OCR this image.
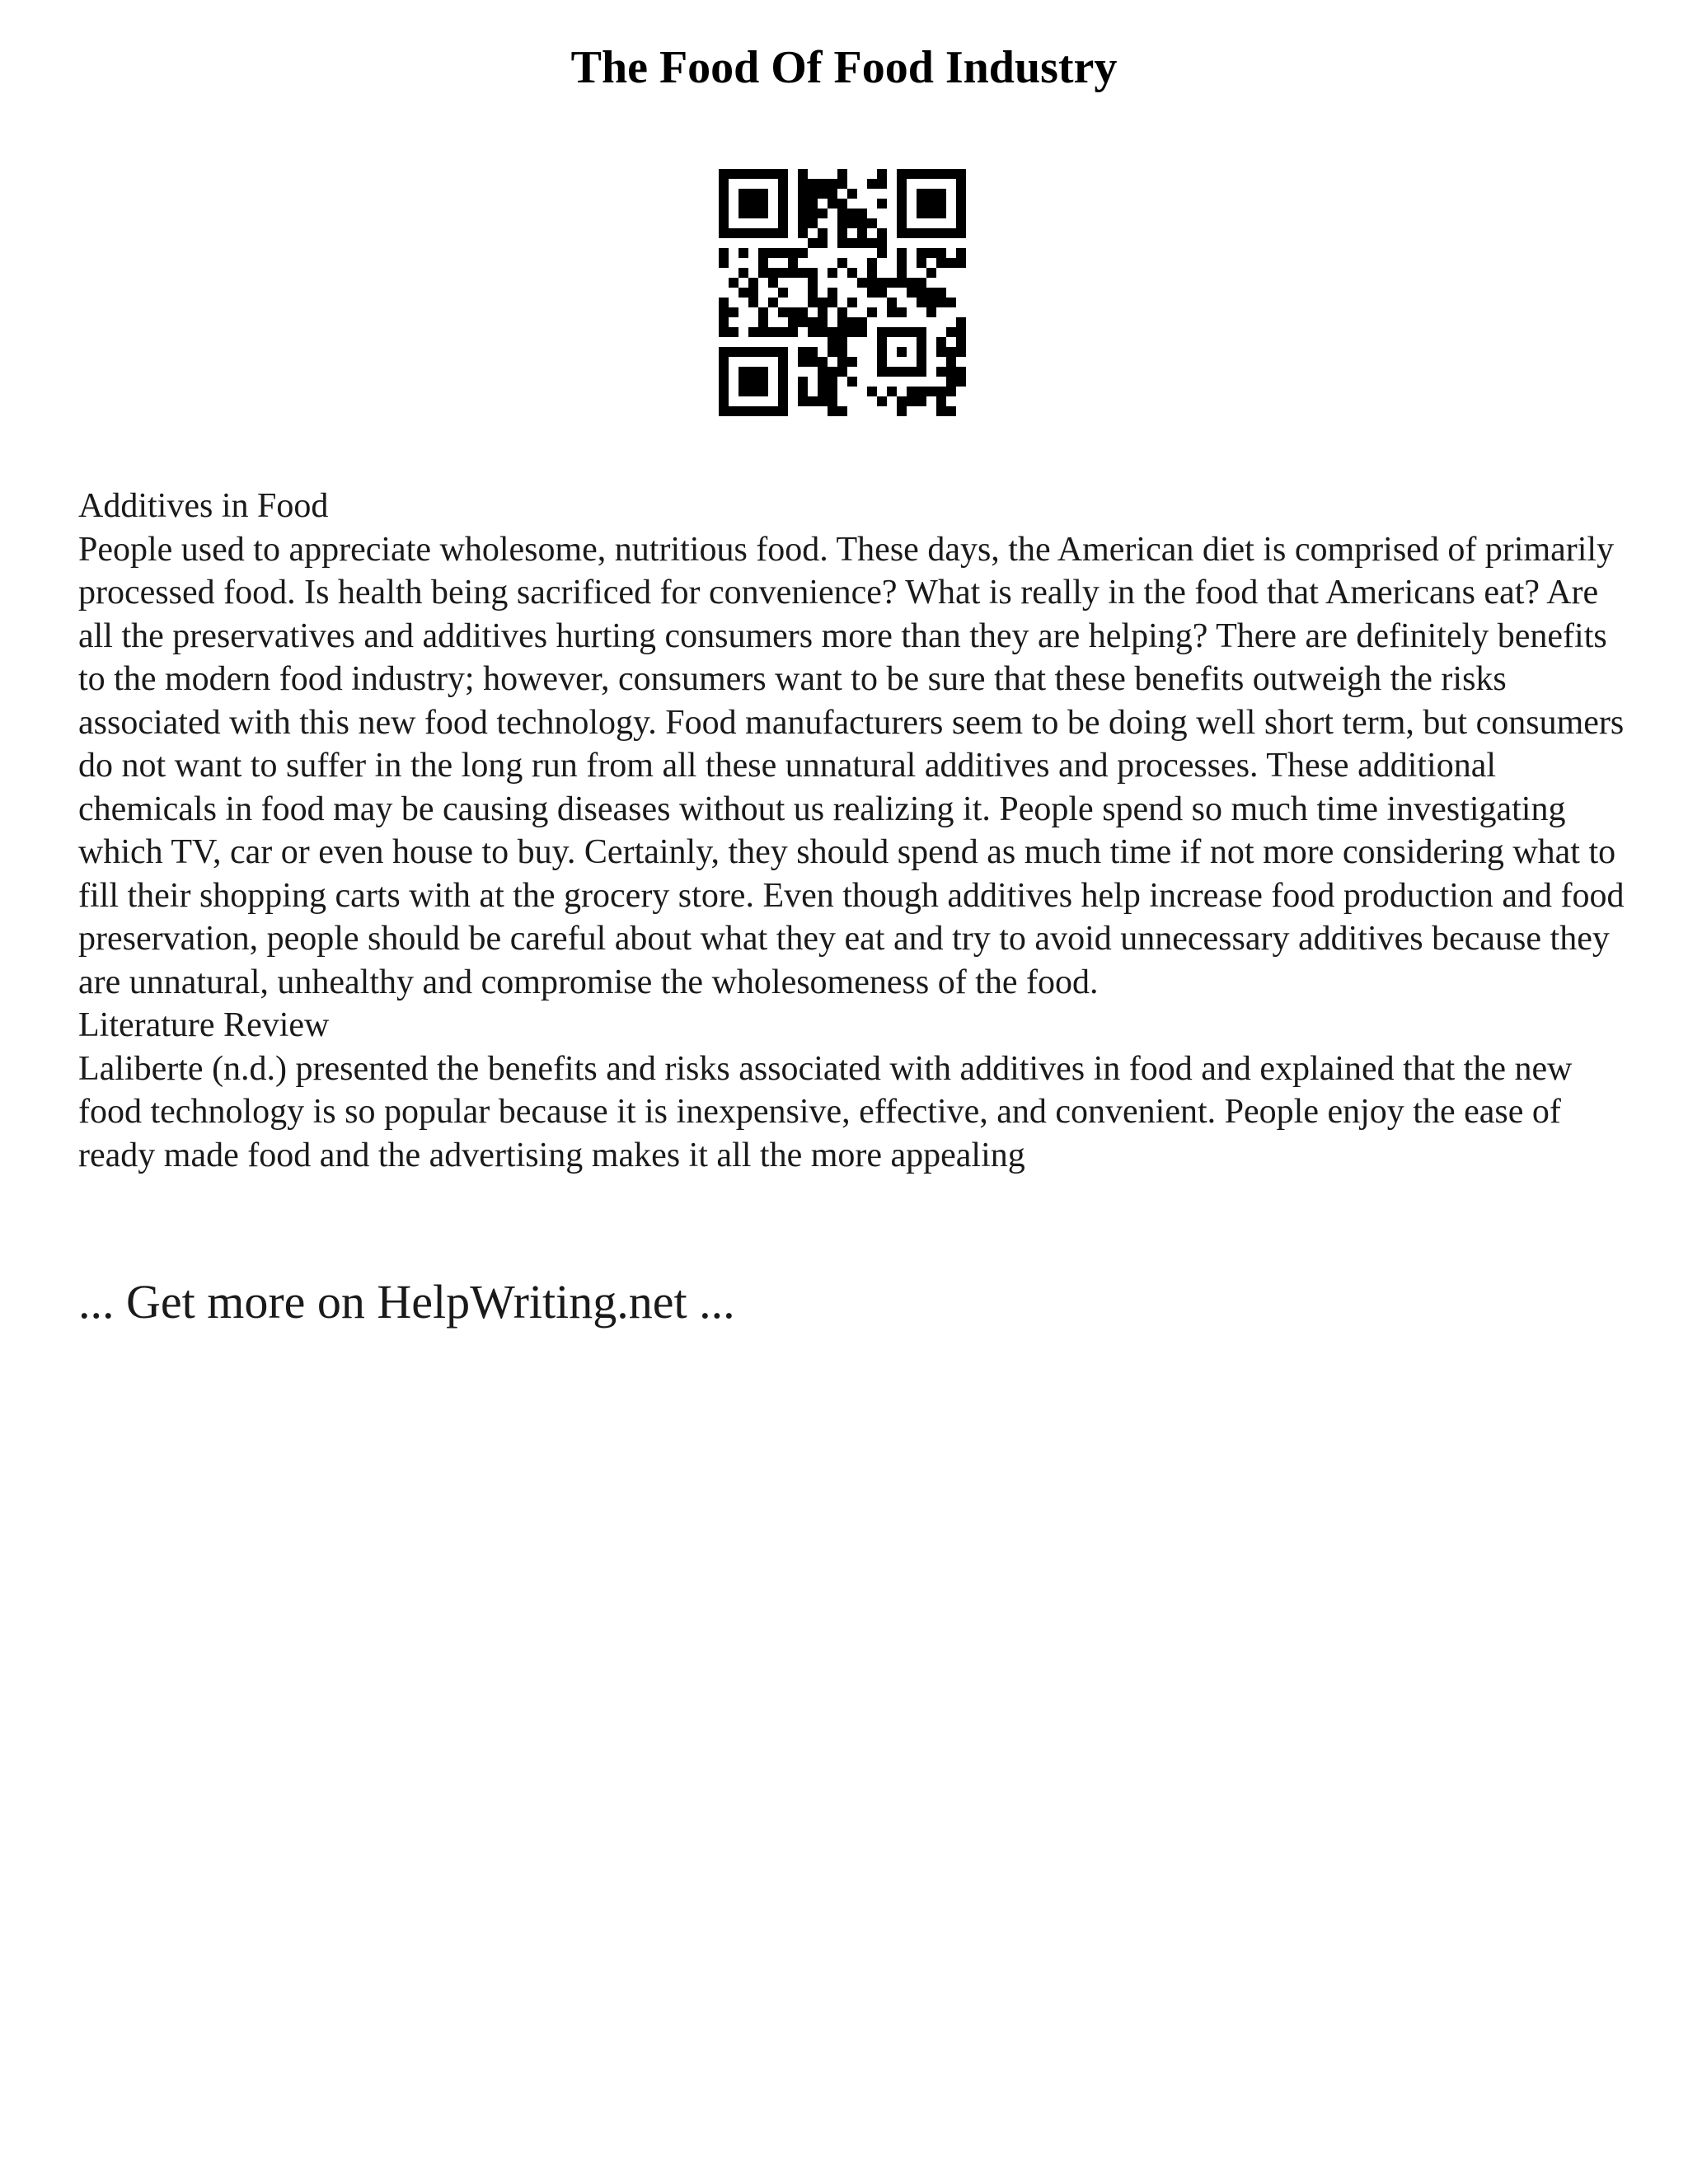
The Food Of Food Industry

Additives in Food

People used to appreciate wholesome, nutritious food. These days, the American diet is comprised of primarily processed food. Is health being sacrificed for convenience? What is really in the food that Americans eat? Are all the preservatives and additives hurting consumers more than they are helping? There are definitely benefits to the modern food industry; however, consumers want to be sure that these benefits outweigh the risks associated with this new food technology. Food manufacturers seem to be doing well short term, but consumers do not want to suffer in the long run from all these unnatural additives and processes. These additional chemicals in food may be causing diseases without us realizing it. People spend so much time investigating which TV, car or even house to buy. Certainly, they should spend as much time if not more considering what to fill their shopping carts with at the grocery store. Even though additives help increase food production and food preservation, people should be careful about what they eat and try to avoid unnecessary additives because they are unnatural, unhealthy and compromise the wholesomeness of the food.

Literature Review

Laliberte (n.d.) presented the benefits and risks associated with additives in food and explained that the new food technology is so popular because it is inexpensive, effective, and convenient. People enjoy the ease of ready made food and the advertising makes it all the more appealing

... Get more on HelpWriting.net ...
